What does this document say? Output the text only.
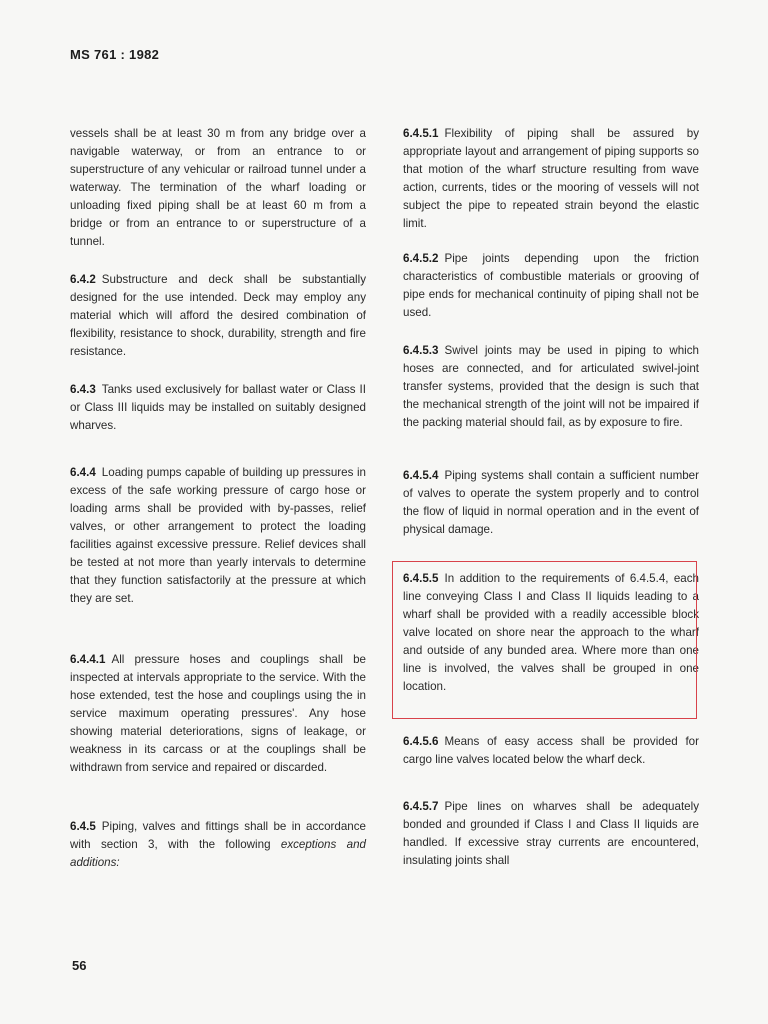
MS 761 : 1982

vessels shall be at least 30 m from any bridge over a navigable waterway, or from an entrance to or superstructure of any vehicular or railroad tunnel under a waterway. The termination of the wharf loading or unloading fixed piping shall be at least 60 m from a bridge or from an entrance to or superstructure of a tunnel.

6.4.2 Substructure and deck shall be substantially designed for the use intended. Deck may employ any material which will afford the desired combination of flexibility, resistance to shock, durability, strength and fire resistance.

6.4.3 Tanks used exclusively for ballast water or Class II or Class III liquids may be installed on suitably designed wharves.

6.4.4 Loading pumps capable of building up pressures in excess of the safe working pressure of cargo hose or loading arms shall be provided with by-passes, relief valves, or other arrangement to protect the loading facilities against excessive pressure. Relief devices shall be tested at not more than yearly intervals to determine that they function satisfactorily at the pressure at which they are set.

6.4.4.1 All pressure hoses and couplings shall be inspected at intervals appropriate to the service. With the hose extended, test the hose and couplings using the in service maximum operating pressures'. Any hose showing material deteriorations, signs of leakage, or weakness in its carcass or at the couplings shall be withdrawn from service and repaired or discarded.

6.4.5 Piping, valves and fittings shall be in accordance with section 3, with the following exceptions and additions:

6.4.5.1 Flexibility of piping shall be assured by appropriate layout and arrangement of piping supports so that motion of the wharf structure resulting from wave action, currents, tides or the mooring of vessels will not subject the pipe to repeated strain beyond the elastic limit.

6.4.5.2 Pipe joints depending upon the friction characteristics of combustible materials or grooving of pipe ends for mechanical continuity of piping shall not be used.

6.4.5.3 Swivel joints may be used in piping to which hoses are connected, and for articulated swivel-joint transfer systems, provided that the design is such that the mechanical strength of the joint will not be impaired if the packing material should fail, as by exposure to fire.

6.4.5.4 Piping systems shall contain a sufficient number of valves to operate the system properly and to control the flow of liquid in normal operation and in the event of physical damage.

6.4.5.5 In addition to the requirements of 6.4.5.4, each line conveying Class I and Class II liquids leading to a wharf shall be provided with a readily accessible block valve located on shore near the approach to the wharf and outside of any bunded area. Where more than one line is involved, the valves shall be grouped in one location.

6.4.5.6 Means of easy access shall be provided for cargo line valves located below the wharf deck.

6.4.5.7 Pipe lines on wharves shall be adequately bonded and grounded if Class I and Class II liquids are handled. If excessive stray currents are encountered, insulating joints shall

56
